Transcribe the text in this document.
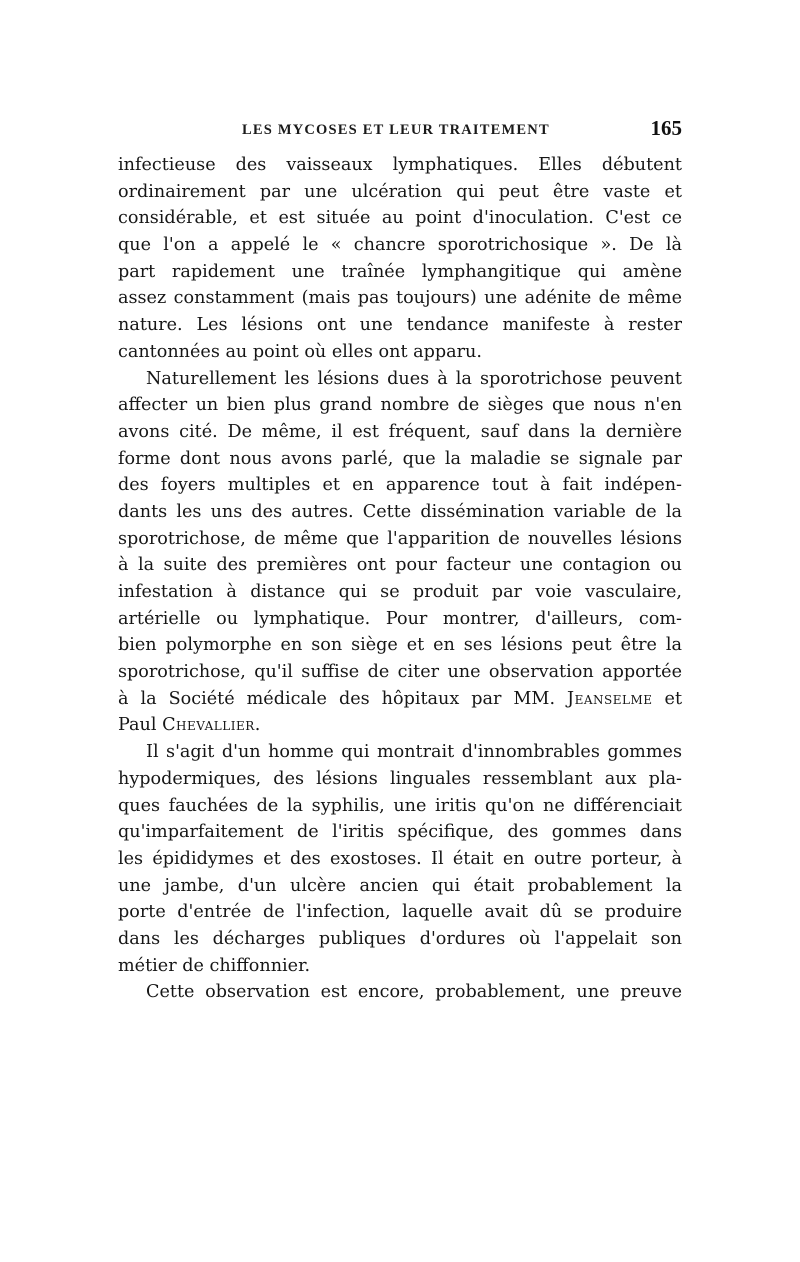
LES MYCOSES ET LEUR TRAITEMENT	165
infectieuse des vaisseaux lymphatiques. Elles débutent
ordinairement par une ulcération qui peut être vaste et
considérable, et est située au point d'inoculation. C'est ce
que l'on a appelé le « chancre sporotrichosique ». De là
part rapidement une traînée lymphangitique qui amène
assez constamment (mais pas toujours) une adénite de même
nature. Les lésions ont une tendance manifeste à rester
cantonnées au point où elles ont apparu.
Naturellement les lésions dues à la sporotrichose peuvent
affecter un bien plus grand nombre de sièges que nous n'en
avons cité. De même, il est fréquent, sauf dans la dernière
forme dont nous avons parlé, que la maladie se signale par
des foyers multiples et en apparence tout à fait indépen-
dants les uns des autres. Cette dissémination variable de la
sporotrichose, de même que l'apparition de nouvelles lésions
à la suite des premières ont pour facteur une contagion ou
infestation à distance qui se produit par voie vasculaire,
artérielle ou lymphatique. Pour montrer, d'ailleurs, com-
bien polymorphe en son siège et en ses lésions peut être la
sporotrichose, qu'il suffise de citer une observation apportée
à la Société médicale des hôpitaux par MM. Jeanselme et
Paul Chevallier.
Il s'agit d'un homme qui montrait d'innombrables gommes
hypodermiques, des lésions linguales ressemblant aux pla-
ques fauchées de la syphilis, une iritis qu'on ne différenciait
qu'imparfaitement de l'iritis spécifique, des gommes dans
les épididymes et des exostoses. Il était en outre porteur, à
une jambe, d'un ulcère ancien qui était probablement la
porte d'entrée de l'infection, laquelle avait dû se produire
dans les décharges publiques d'ordures où l'appelait son
métier de chiffonnier.
Cette observation est encore, probablement, une preuve
